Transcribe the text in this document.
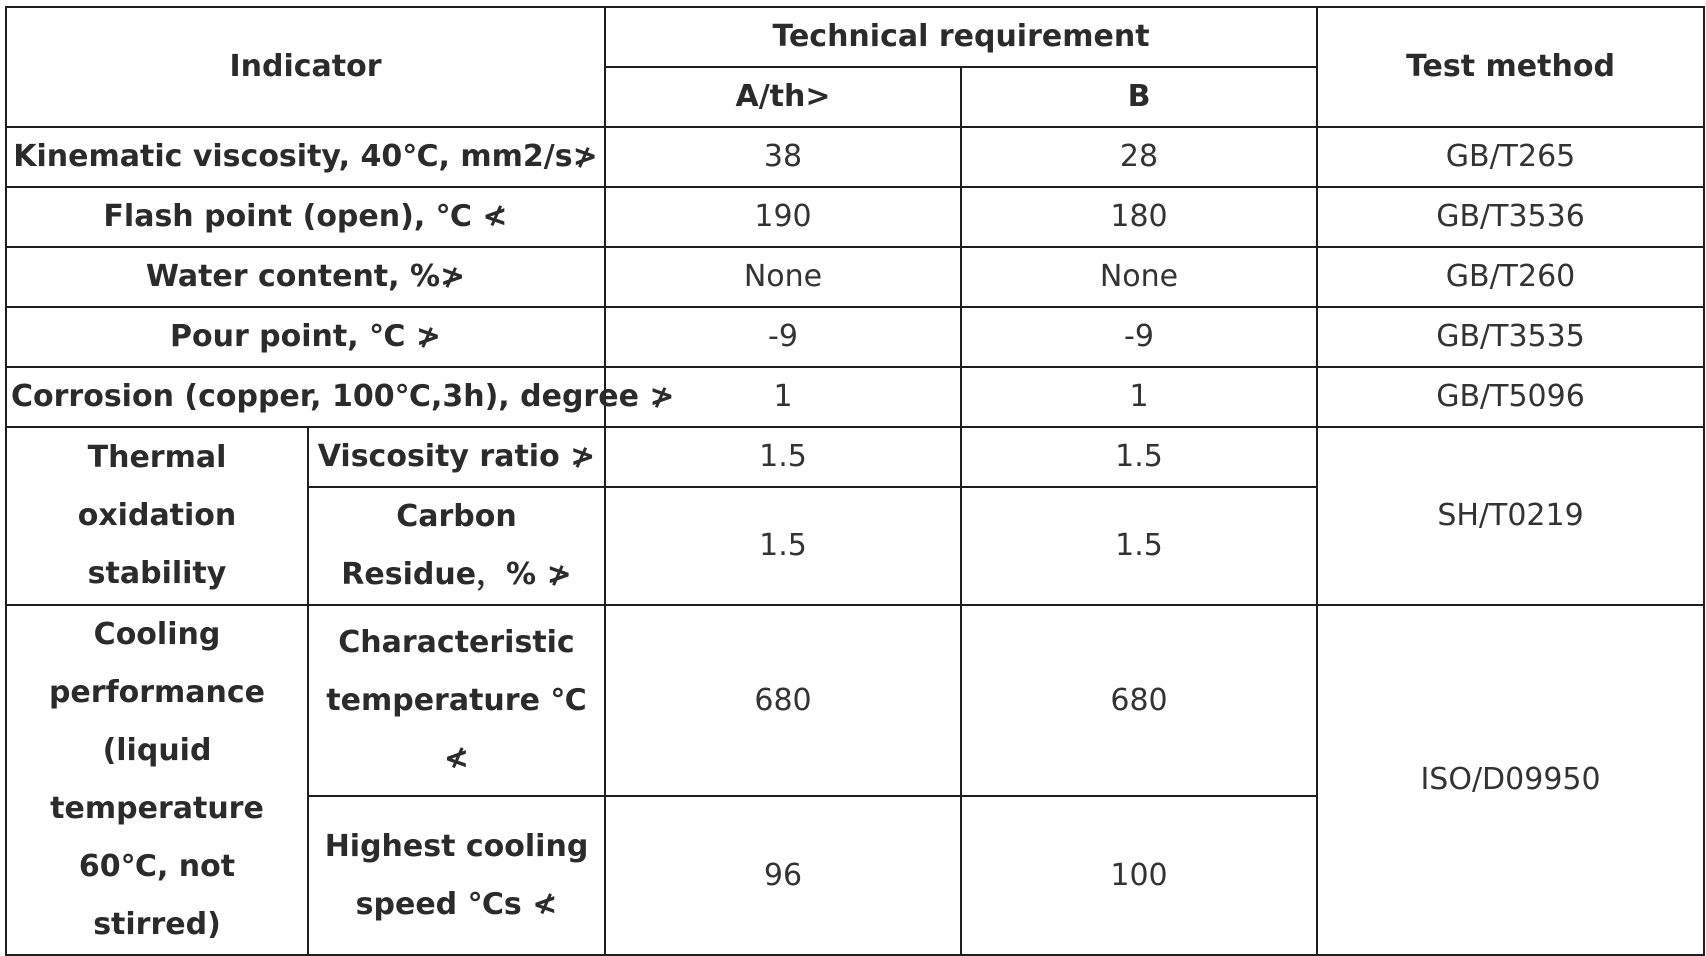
Indicator		Technical requirement		Test method
		A/th>	B	
Kinematic viscosity, 40℃, mm2/s≯		38	28	GB/T265
Flash point (open), ℃ ≮		190	180	GB/T3536
Water content, %≯		None	None	GB/T260
Pour point, ℃ ≯		-9	-9	GB/T3535
Corrosion (copper, 100℃,3h), degree ≯		1	1	GB/T5096
Thermal oxidation stability	Viscosity ratio ≯	1.5	1.5	SH/T0219
	Carbon Residue，% ≯	1.5	1.5	
Cooling performance (liquid temperature 60℃, not stirred)	Characteristic temperature ℃ ≮	680	680	ISO/D09950
	Highest cooling speed ℃s ≮	96	100	
